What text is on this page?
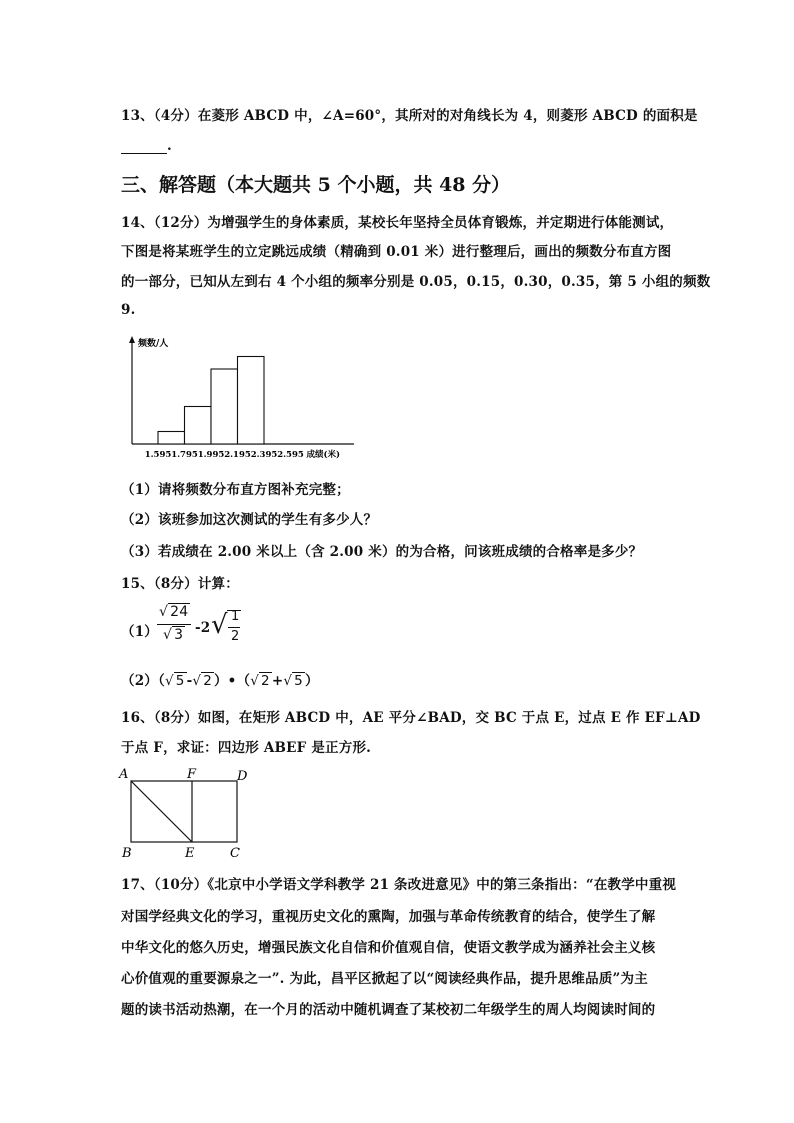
13、（4分）在菱形 ABCD 中，∠A=60°，其所对的对角线长为 4，则菱形 ABCD 的面积是
.
三、解答题（本大题共 5 个小题，共 48 分）
14、（12分）为增强学生的身体素质，某校长年坚持全员体育锻炼，并定期进行体能测试，
下图是将某班学生的立定跳远成绩（精确到 0.01 米）进行整理后，画出的频数分布直方图
的一部分，已知从左到右 4 个小组的频率分别是 0.05，0.15，0.30，0.35，第 5 小组的频数
9.
频数/人
1.595 1.795 1.995 2.195 2.395 2.595 成绩(米)
（1）请将频数分布直方图补充完整；
（2）该班参加这次测试的学生有多少人？
（3）若成绩在 2.00 米以上（含 2.00 米）的为合格，问该班成绩的合格率是多少？
15、（8分）计算：
（1）
√ 24
√ 3 -2 √ 1
2
（2）（√ 5 -√ 2 ）•（√ 2 +√ 5 ）
16、（8分）如图，在矩形 ABCD 中，AE 平分∠BAD，交 BC 于点 E，过点 E 作 EF⊥AD
于点 F，求证：四边形 ABEF 是正方形.
A	F	D
B	E	C
17、（10分）《北京中小学语文学科教学 21 条改进意见》中的第三条指出：“在教学中重视
对国学经典文化的学习，重视历史文化的熏陶，加强与革命传统教育的结合，使学生了解
中华文化的悠久历史，增强民族文化自信和价值观自信，使语文教学成为涵养社会主义核
心价值观的重要源泉之一”. 为此，昌平区掀起了以“阅读经典作品，提升思维品质”为主
题的读书活动热潮，在一个月的活动中随机调查了某校初二年级学生的周人均阅读时间的
